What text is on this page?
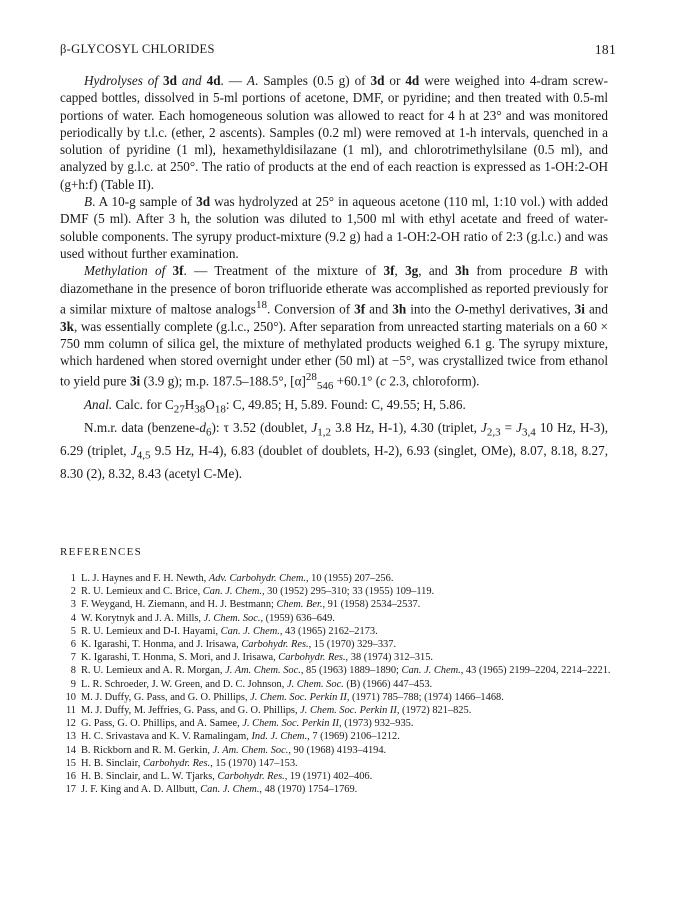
β-GLYCOSYL CHLORIDES	181

Hydrolyses of 3d and 4d. — A. Samples (0.5 g) of 3d or 4d were weighed into 4-dram screw-capped bottles, dissolved in 5-ml portions of acetone, DMF, or pyridine; and then treated with 0.5-ml portions of water. Each homogeneous solution was allowed to react for 4 h at 23° and was monitored periodically by t.l.c. (ether, 2 ascents). Samples (0.2 ml) were removed at 1-h intervals, quenched in a solution of pyridine (1 ml), hexamethyldisilazane (1 ml), and chlorotrimethylsilane (0.5 ml), and analyzed by g.l.c. at 250°. The ratio of products at the end of each reaction is expressed as 1-OH:2-OH (g+h:f) (Table II).

B. A 10-g sample of 3d was hydrolyzed at 25° in aqueous acetone (110 ml, 1:10 vol.) with added DMF (5 ml). After 3 h, the solution was diluted to 1,500 ml with ethyl acetate and freed of water-soluble components. The syrupy product-mixture (9.2 g) had a 1-OH:2-OH ratio of 2:3 (g.l.c.) and was used without further examination.

Methylation of 3f. — Treatment of the mixture of 3f, 3g, and 3h from procedure B with diazomethane in the presence of boron trifluoride etherate was accomplished as reported previously for a similar mixture of maltose analogs$^{18}$. Conversion of 3f and 3h into the O-methyl derivatives, 3i and 3k, was essentially complete (g.l.c., 250°). After separation from unreacted starting materials on a 60 × 750 mm column of silica gel, the mixture of methylated products weighed 6.1 g. The syrupy mixture, which hardened when stored overnight under ether (50 ml) at −5°, was crystallized twice from ethanol to yield pure 3i (3.9 g); m.p. 187.5–188.5°, $[\alpha]^{28}_{546} +60.1^\circ$ (c 2.3, chloroform).

Anal. Calc. for $C_{27}H_{38}O_{18}$: C, 49.85; H, 5.89. Found: C, 49.55; H, 5.86.

N.m.r. data $(benzene-d_6)$: τ 3.52 (doublet, $J_{1,2}$ 3.8 Hz, H-1), 4.30 (triplet, $J_{2,3} = J_{3,4}$ 10 Hz, H-3), 6.29 (triplet, $J_{4,5}$ 9.5 Hz, H-4), 6.83 (doublet of doublets, H-2), 6.93 (singlet, OMe), 8.07, 8.18, 8.27, 8.30 (2), 8.32, 8.43 (acetyl C-Me).

REFERENCES
1 L. J. Haynes and F. H. Newth, Adv. Carbohydr. Chem., 10 (1955) 207–256.
2 R. U. Lemieux and C. Brice, Can. J. Chem., 30 (1952) 295–310; 33 (1955) 109–119.
3 F. Weygand, H. Ziemann, and H. J. Bestmann; Chem. Ber., 91 (1958) 2534–2537.
4 W. Korytnyk and J. A. Mills, J. Chem. Soc., (1959) 636–649.
5 R. U. Lemieux and D-I. Hayami, Can. J. Chem., 43 (1965) 2162–2173.
6 K. Igarashi, T. Honma, and J. Irisawa, Carbohydr. Res., 15 (1970) 329–337.
7 K. Igarashi, T. Honma, S. Mori, and J. Irisawa, Carbohydr. Res., 38 (1974) 312–315.
8 R. U. Lemieux and A. R. Morgan, J. Am. Chem. Soc., 85 (1963) 1889–1890; Can. J. Chem., 43 (1965) 2199–2204, 2214–2221.
9 L. R. Schroeder, J. W. Green, and D. C. Johnson, J. Chem. Soc. (B) (1966) 447–453.
10 M. J. Duffy, G. Pass, and G. O. Phillips, J. Chem. Soc. Perkin II, (1971) 785–788; (1974) 1466–1468.
11 M. J. Duffy, M. Jeffries, G. Pass, and G. O. Phillips, J. Chem. Soc. Perkin II, (1972) 821–825.
12 G. Pass, G. O. Phillips, and A. Samee, J. Chem. Soc. Perkin II, (1973) 932–935.
13 H. C. Srivastava and K. V. Ramalingam, Ind. J. Chem., 7 (1969) 2106–1212.
14 B. Rickborn and R. M. Gerkin, J. Am. Chem. Soc., 90 (1968) 4193–4194.
15 H. B. Sinclair, Carbohydr. Res., 15 (1970) 147–153.
16 H. B. Sinclair, and L. W. Tjarks, Carbohydr. Res., 19 (1971) 402–406.
17 J. F. King and A. D. Allbutt, Can. J. Chem., 48 (1970) 1754–1769.
